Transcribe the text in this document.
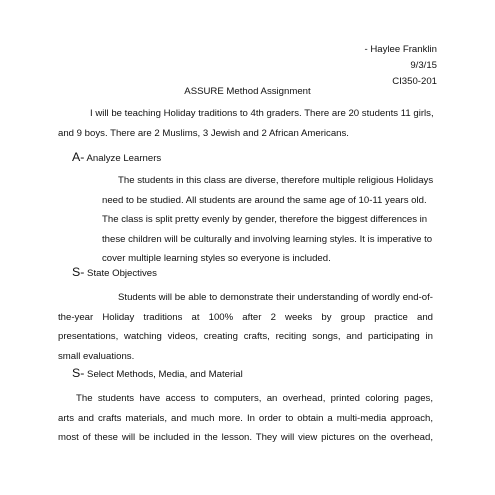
- Haylee Franklin
9/3/15
CI350-201
ASSURE Method Assignment
I will be teaching Holiday traditions to 4th graders. There are 20 students 11 girls,
and 9 boys. There are 2 Muslims, 3 Jewish and 2 African Americans.
A- Analyze Learners
The students in this class are diverse, therefore multiple religious Holidays
need to be studied. All students are around the same age of 10-11 years old.
The class is split pretty evenly by gender, therefore the biggest differences in
these children will be culturally and involving learning styles. It is imperative to
cover multiple learning styles so everyone is included.
S- State Objectives
Students will be able to demonstrate their understanding of wordly end-of-
the-year Holiday traditions at 100% after 2 weeks by group practice and
presentations, watching videos, creating crafts, reciting songs, and participating in
small evaluations.
S- Select Methods, Media, and Material
The students have access to computers, an overhead, printed coloring pages,
arts and crafts materials, and much more. In order to obtain a multi-media approach,
most of these will be included in the lesson. They will view pictures on the overhead,
